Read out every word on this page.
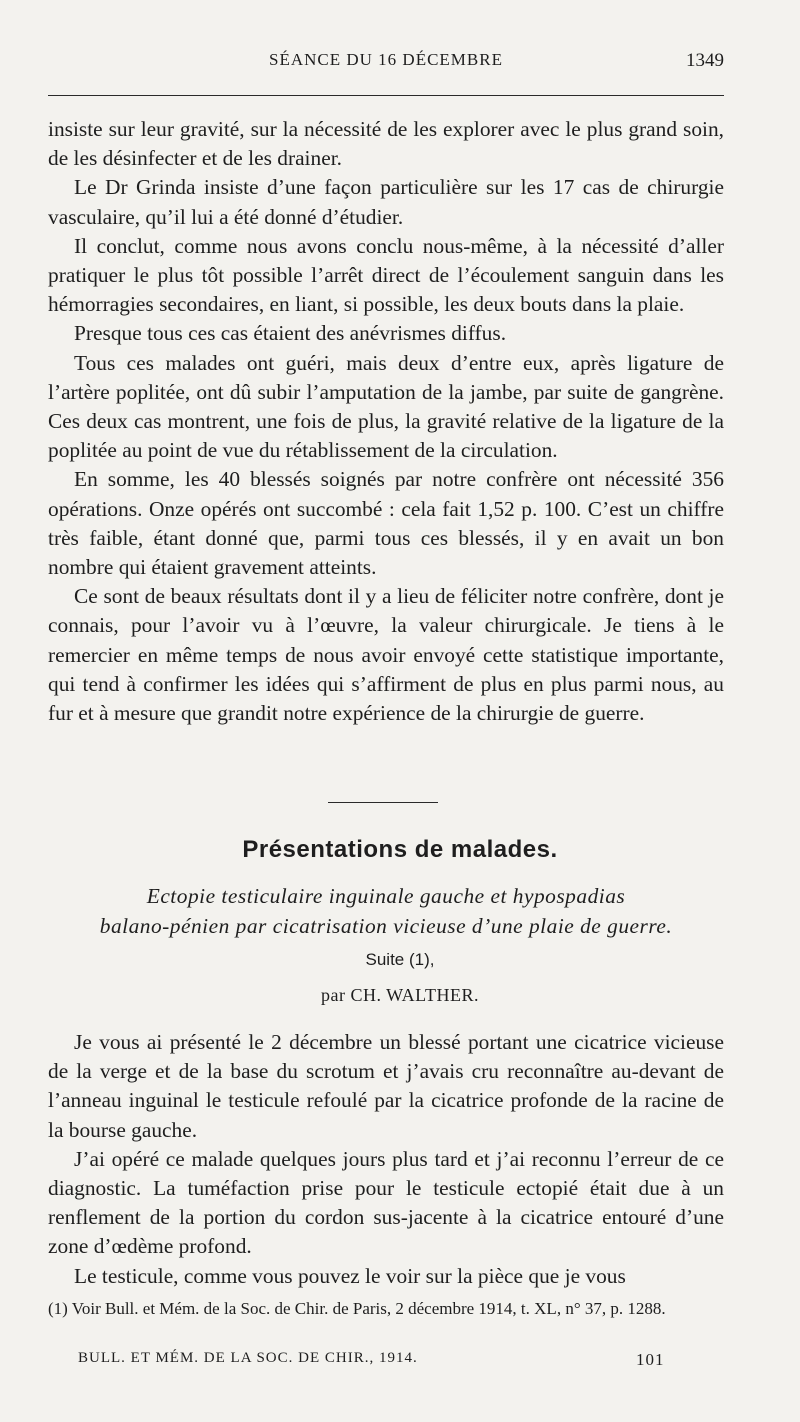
SÉANCE DU 16 DÉCEMBRE	1349

insiste sur leur gravité, sur la nécessité de les explorer avec le plus grand soin, de les désinfecter et de les drainer.

Le Dr Grinda insiste d’une façon particulière sur les 17 cas de chirurgie vasculaire, qu’il lui a été donné d’étudier.

Il conclut, comme nous avons conclu nous-même, à la nécessité d’aller pratiquer le plus tôt possible l’arrêt direct de l’écoulement sanguin dans les hémorragies secondaires, en liant, si possible, les deux bouts dans la plaie.

Presque tous ces cas étaient des anévrismes diffus.

Tous ces malades ont guéri, mais deux d’entre eux, après ligature de l’artère poplitée, ont dû subir l’amputation de la jambe, par suite de gangrène. Ces deux cas montrent, une fois de plus, la gravité relative de la ligature de la poplitée au point de vue du rétablissement de la circulation.

En somme, les 40 blessés soignés par notre confrère ont nécessité 356 opérations. Onze opérés ont succombé : cela fait 1,52 p. 100. C’est un chiffre très faible, étant donné que, parmi tous ces blessés, il y en avait un bon nombre qui étaient gravement atteints.

Ce sont de beaux résultats dont il y a lieu de féliciter notre confrère, dont je connais, pour l’avoir vu à l’œuvre, la valeur chirurgicale. Je tiens à le remercier en même temps de nous avoir envoyé cette statistique importante, qui tend à confirmer les idées qui s’affirment de plus en plus parmi nous, au fur et à mesure que grandit notre expérience de la chirurgie de guerre.

Présentations de malades.
Ectopie testiculaire inguinale gauche et hypospadias
balano-pénien par cicatrisation vicieuse d’une plaie de guerre.
Suite (1),
par CH. WALTHER.

Je vous ai présenté le 2 décembre un blessé portant une cicatrice vicieuse de la verge et de la base du scrotum et j’avais cru reconnaître au-devant de l’anneau inguinal le testicule refoulé par la cicatrice profonde de la racine de la bourse gauche.

J’ai opéré ce malade quelques jours plus tard et j’ai reconnu l’erreur de ce diagnostic. La tuméfaction prise pour le testicule ectopié était due à un renflement de la portion du cordon sus-jacente à la cicatrice entouré d’une zone d’œdème profond.

Le testicule, comme vous pouvez le voir sur la pièce que je vous

(1) Voir Bull. et Mém. de la Soc. de Chir. de Paris, 2 décembre 1914, t. XL, n° 37, p. 1288.

BULL. ET MÉM. DE LA SOC. DE CHIR., 1914.	101
